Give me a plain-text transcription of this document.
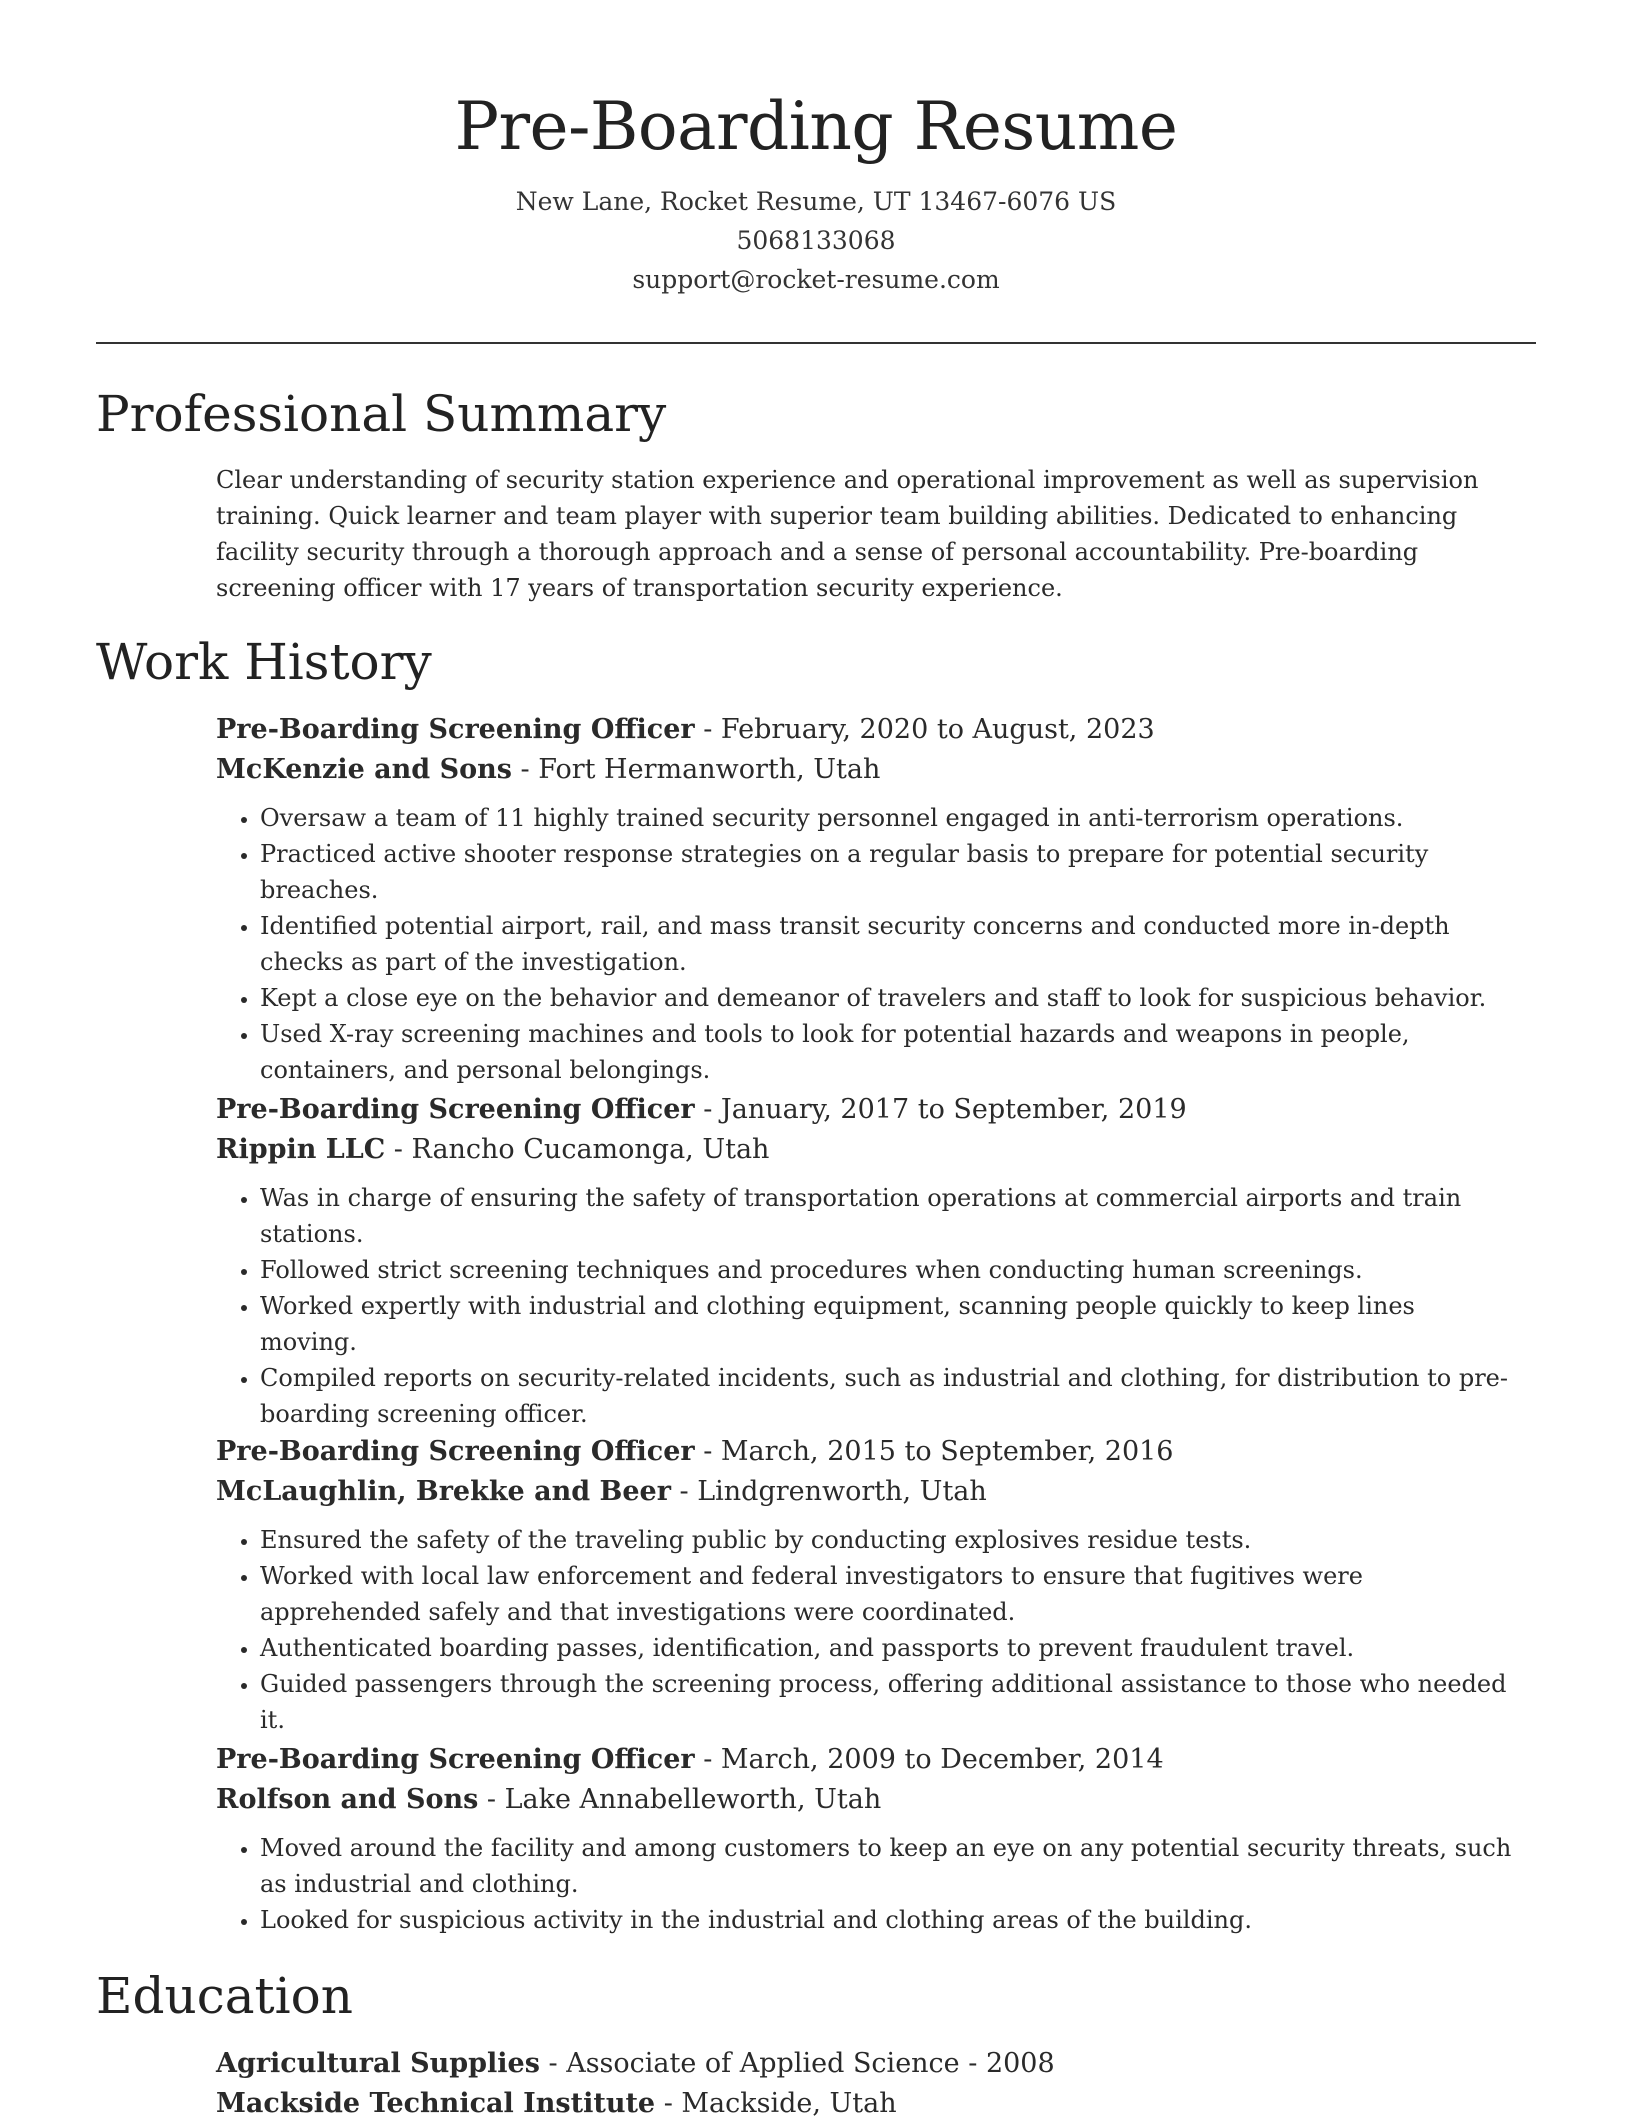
Pre-Boarding Resume
New Lane, Rocket Resume, UT 13467-6076 US
5068133068
support@rocket-resume.com
Professional Summary
Clear understanding of security station experience and operational improvement as well as supervision training. Quick learner and team player with superior team building abilities. Dedicated to enhancing facility security through a thorough approach and a sense of personal accountability. Pre-boarding screening officer with 17 years of transportation security experience.
Work History
Pre-Boarding Screening Officer - February, 2020 to August, 2023
McKenzie and Sons - Fort Hermanworth, Utah
• Oversaw a team of 11 highly trained security personnel engaged in anti-terrorism operations.
• Practiced active shooter response strategies on a regular basis to prepare for potential security breaches.
• Identified potential airport, rail, and mass transit security concerns and conducted more in-depth checks as part of the investigation.
• Kept a close eye on the behavior and demeanor of travelers and staff to look for suspicious behavior.
• Used X-ray screening machines and tools to look for potential hazards and weapons in people, containers, and personal belongings.
Pre-Boarding Screening Officer - January, 2017 to September, 2019
Rippin LLC - Rancho Cucamonga, Utah
• Was in charge of ensuring the safety of transportation operations at commercial airports and train stations.
• Followed strict screening techniques and procedures when conducting human screenings.
• Worked expertly with industrial and clothing equipment, scanning people quickly to keep lines moving.
• Compiled reports on security-related incidents, such as industrial and clothing, for distribution to pre-boarding screening officer.
Pre-Boarding Screening Officer - March, 2015 to September, 2016
McLaughlin, Brekke and Beer - Lindgrenworth, Utah
• Ensured the safety of the traveling public by conducting explosives residue tests.
• Worked with local law enforcement and federal investigators to ensure that fugitives were apprehended safely and that investigations were coordinated.
• Authenticated boarding passes, identification, and passports to prevent fraudulent travel.
• Guided passengers through the screening process, offering additional assistance to those who needed it.
Pre-Boarding Screening Officer - March, 2009 to December, 2014
Rolfson and Sons - Lake Annabelleworth, Utah
• Moved around the facility and among customers to keep an eye on any potential security threats, such as industrial and clothing.
• Looked for suspicious activity in the industrial and clothing areas of the building.
Education
Agricultural Supplies - Associate of Applied Science - 2008
Mackside Technical Institute - Mackside, Utah
